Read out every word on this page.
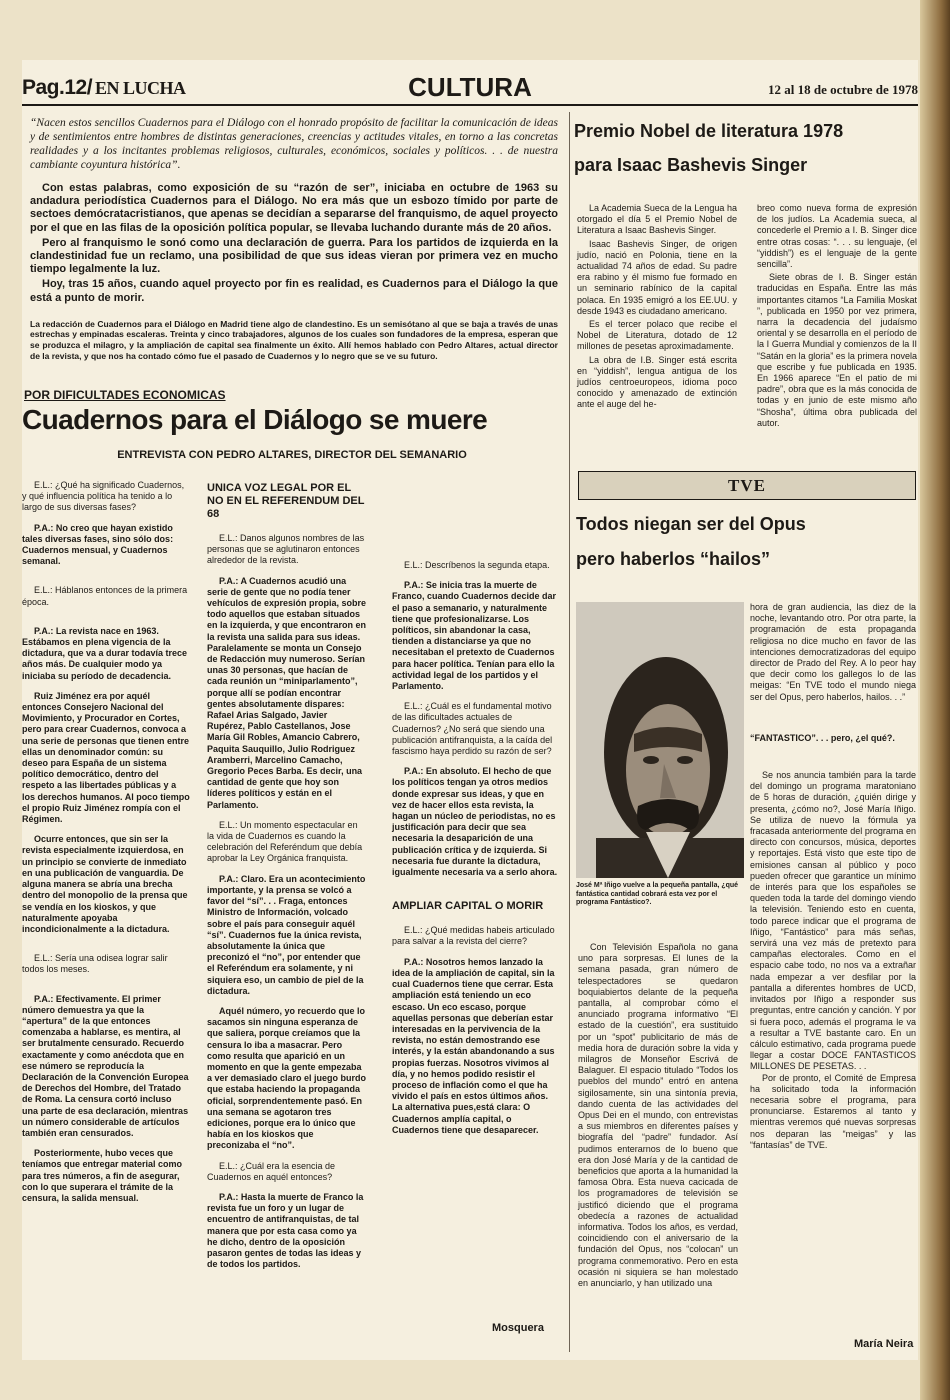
Pag.12/ EN LUCHA	CULTURA	12 al 18 de octubre de 1978

“Nacen estos sencillos Cuadernos para el Diálogo con el honrado propósito de facilitar la comunicación de ideas y de sentimientos entre hombres de distintas generaciones, creencias y actitudes vitales, en torno a las concretas realidades y a los incitantes problemas religiosos, culturales, económicos, sociales y políticos. . . de nuestra cambiante coyuntura histórica”.

Con estas palabras, como exposición de su “razón de ser”, iniciaba en octubre de 1963 su andadura periodística Cuadernos para el Diálogo. No era más que un esbozo tímido por parte de sectoes demócratacristianos, que apenas se decidían a separarse del franquismo, de aquel proyecto por el que en las filas de la oposición política popular, se llevaba luchando durante más de 20 años.

Pero al franquismo le sonó como una declaración de guerra. Para los partidos de izquierda en la clandestinidad fue un reclamo, una posibilidad de que sus ideas vieran por primera vez en mucho tiempo legalmente la luz.

Hoy, tras 15 años, cuando aquel proyecto por fin es realidad, es Cuadernos para el Diálogo la que está a punto de morir.

La redacción de Cuadernos para el Diálogo en Madrid tiene algo de clandestino. Es un semisótano al que se baja a través de unas estrechas y empinadas escaleras. Treinta y cinco trabajadores, algunos de los cuales son fundadores de la empresa, esperan que se produzca el milagro, y la ampliación de capital sea finalmente un éxito. Allí hemos hablado con Pedro Altares, actual director de la revista, y que nos ha contado cómo fue el pasado de Cuadernos y lo negro que se ve su futuro.

POR DIFICULTADES ECONOMICAS
Cuadernos para el Diálogo se muere
ENTREVISTA CON PEDRO ALTARES, DIRECTOR DEL SEMANARIO

E.L.: ¿Qué ha significado Cuadernos, y qué influencia política ha tenido a lo largo de sus diversas fases?

P.A.: No creo que hayan existido tales diversas fases, sino sólo dos: Cuadernos mensual, y Cuadernos semanal.

E.L.: Háblanos entonces de la primera época.

P.A.: La revista nace en 1963. Estábamos en plena vigencia de la dictadura, que va a durar todavía trece años más. De cualquier modo ya iniciaba su período de decadencia.

Ruiz Jiménez era por aquél entonces Consejero Nacional del Movimiento, y Procurador en Cortes, pero para crear Cuadernos, convoca a una serie de personas que tienen entre ellas un denominador común: su deseo para España de un sistema político democrático, dentro del respeto a las libertades públicas y a los derechos humanos. Al poco tiempo el propio Ruiz Jiménez rompía con el Régimen.

Ocurre entonces, que sin ser la revista especialmente izquierdosa, en un principio se convierte de inmediato en una publicación de vanguardia. De alguna manera se abría una brecha dentro del monopolio de la prensa que se vendía en los kioskos, y que naturalmente apoyaba incondicionalmente a la dictadura.

E.L.: Sería una odisea lograr salir todos los meses.

P.A.: Efectivamente. El primer número demuestra ya que la “apertura” de la que entonces comenzaba a hablarse, es mentira, al ser brutalmente censurado. Recuerdo exactamente y como anécdota que en ese número se reproducía la Declaración de la Convención Europea de Derechos del Hombre, del Tratado de Roma. La censura cortó incluso una parte de esa declaración, mientras un número considerable de artículos también eran censurados.

Posteriormente, hubo veces que teníamos que entregar material como para tres números, a fin de asegurar, con lo que superara el trámite de la censura, la salida mensual.

UNICA VOZ LEGAL POR EL NO EN EL REFERENDUM DEL 68

E.L.: Danos algunos nombres de las personas que se aglutinaron entonces alrededor de la revista.

P.A.: A Cuadernos acudió una serie de gente que no podía tener vehículos de expresión propia, sobre todo aquellos que estaban situados en la izquierda, y que encontraron en la revista una salida para sus ideas. Paralelamente se monta un Consejo de Redacción muy numeroso. Serían unas 30 personas, que hacían de cada reunión un “miniparlamento”, porque allí se podían encontrar gentes absolutamente dispares: Rafael Arias Salgado, Javier Rupérez, Pablo Castellanos, Jose María Gil Robles, Amancio Cabrero, Paquita Sauquillo, Julio Rodriguez Aramberri, Marcelino Camacho, Gregorio Peces Barba. Es decir, una cantidad de gente que hoy son líderes políticos y están en el Parlamento.

E.L.: Un momento espectacular en la vida de Cuadernos es cuando la celebración del Referéndum que debía aprobar la Ley Orgánica franquista.

P.A.: Claro. Era un acontecimiento importante, y la prensa se volcó a favor del “sí”. . . Fraga, entonces Ministro de Información, volcado sobre el país para conseguir aquél “sí”. Cuadernos fue la única revista, absolutamente la única que preconizó el “no”, por entender que el Referéndum era solamente, y ni siquiera eso, un cambio de piel de la dictadura.

Aquél número, yo recuerdo que lo sacamos sin ninguna esperanza de que saliera, porque creíamos que la censura lo iba a masacrar. Pero como resulta que aparició en un momento en que la gente empezaba a ver demasiado claro el juego burdo que estaba haciendo la propaganda oficial, sorprendentemente pasó. En una semana se agotaron tres ediciones, porque era lo único que había en los kioskos que preconizaba el “no”.

E.L.: ¿Cuál era la esencia de Cuadernos en aquél entonces?

P.A.: Hasta la muerte de Franco la revista fue un foro y un lugar de encuentro de antifranquistas, de tal manera que por esta casa como ya he dicho, dentro de la oposición pasaron gentes de todas las ideas y de todos los partidos.

E.L.: Descríbenos la segunda etapa.

P.A.: Se inicia tras la muerte de Franco, cuando Cuadernos decide dar el paso a semanario, y naturalmente tiene que profesionalizarse. Los políticos, sin abandonar la casa, tienden a distanciarse ya que no necesitaban el pretexto de Cuadernos para hacer política. Tenían para ello la actividad legal de los partidos y el Parlamento.

E.L.: ¿Cuál es el fundamental motivo de las dificultades actuales de Cuadernos? ¿No será que siendo una publicación antifranquista, a la caída del fascismo haya perdido su razón de ser?

P.A.: En absoluto. El hecho de que los políticos tengan ya otros medios donde expresar sus ideas, y que en vez de hacer ellos esta revista, la hagan un núcleo de periodistas, no es justificación para decir que sea necesaria la desaparición de una publicación crítica y de izquierda. Si necesaria fue durante la dictadura, igualmente necesaria va a serlo ahora.

AMPLIAR CAPITAL O MORIR

E.L.: ¿Qué medidas habeis articulado para salvar a la revista del cierre?

P.A.: Nosotros hemos lanzado la idea de la ampliación de capital, sin la cual Cuadernos tiene que cerrar. Esta ampliación está teniendo un eco escaso. Un eco escaso, porque aquellas personas que deberían estar interesadas en la pervivencia de la revista, no están demostrando ese interés, y la están abandonando a sus propias fuerzas. Nosotros vivimos al día, y no hemos podido resistir el proceso de inflación como el que ha vivido el país en estos últimos años. La alternativa pues,está clara: O Cuadernos amplía capital, o Cuadernos tiene que desaparecer.

Mosquera
Premio Nobel de literatura 1978
para Isaac Bashevis Singer

La Academia Sueca de la Lengua ha otorgado el día 5 el Premio Nobel de Literatura a Isaac Bashevis Singer.

Isaac Bashevis Singer, de origen judío, nació en Polonia, tiene en la actualidad 74 años de edad. Su padre era rabino y él mismo fue formado en un seminario rabínico de la capital polaca. En 1935 emigró a los EE.UU. y desde 1943 es ciudadano americano.

Es el tercer polaco que recibe el Nobel de Literatura, dotado de 12 millones de pesetas aproximadamente.

La obra de I.B. Singer está escrita en “yiddish”, lengua antigua de los judíos centroeuropeos, idioma poco conocido y amenazado de extinción ante el auge del he-

breo como nueva forma de expresión de los judíos. La Academia sueca, al concederle el Premio a I. B. Singer dice entre otras cosas: “. . . su lenguaje, (el “yiddish”) es el lenguaje de la gente sencilla”.

Siete obras de I. B. Singer están traducidas en España. Entre las más importantes citamos “La Familia Moskat ”, publicada en 1950 por vez primera, narra la decadencia del judaísmo oriental y se desarrolla en el período de la I Guerra Mundial y comienzos de la II “Satán en la gloria” es la primera novela que escribe y fue publicada en 1935. En 1966 aparece “En el patio de mi padre”, obra que es la más conocida de todas y en junio de este mismo año “Shosha”, última obra publicada del autor.

TVE
Todos niegan ser del Opus
pero haberlos “hailos”
José Mª Iñigo vuelve a la pequeña pantalla, ¿qué fantástica cantidad cobrará esta vez por el programa Fantástico?.

hora de gran audiencia, las diez de la noche, levantando otro. Por otra parte, la programación de esta propaganda religiosa no dice mucho en favor de las intenciones democratizadoras del equipo director de Prado del Rey. A lo peor hay que decir como los gallegos lo de las meigas: “En TVE todo el mundo niega ser del Opus, pero haberlos, hailos. . .”

“FANTASTICO”. . . pero, ¿el qué?.

Se nos anuncia también para la tarde del domingo un programa maratoniano de 5 horas de duración, ¿quién dirige y presenta, ¿cómo no?, José María Iñigo. Se utiliza de nuevo la fórmula ya fracasada anteriormente del programa en directo con concursos, música, deportes y reportajes. Está visto que este tipo de emisiones cansan al público y poco pueden ofrecer que garantice un mínimo de interés para que los españoles se queden toda la tarde del domingo viendo la televisión. Teniendo esto en cuenta, todo parece indicar que el programa de Iñigo, “Fantástico” para más señas, servirá una vez más de pretexto para campañas electorales. Como en el espacio cabe todo, no nos va a extrañar nada empezar a ver desfilar por la pantalla a diferentes hombres de UCD, invitados por Iñigo a responder sus preguntas, entre canción y canción. Y por si fuera poco, además el programa le va a resultar a TVE bastante caro. En un cálculo estimativo, cada programa puede llegar a costar DOCE FANTASTICOS MILLONES DE PESETAS. . .

Por de pronto, el Comité de Empresa ha solicitado toda la información necesaria sobre el programa, para pronunciarse. Estaremos al tanto y mientras veremos qué nuevas sorpresas nos deparan las “meigas” y las “fantasías” de TVE.

Con Televisión Española no gana uno para sorpresas. El lunes de la semana pasada, gran número de telespectadores se quedaron boquiabiertos delante de la pequeña pantalla, al comprobar cómo el anunciado programa informativo “El estado de la cuestión”, era sustituido por un “spot” publicitario de más de media hora de duración sobre la vida y milagros de Monseñor Escrivá de Balaguer. El espacio titulado “Todos los pueblos del mundo” entró en antena sigilosamente, sin una sintonía previa, dando cuenta de las actividades del Opus Dei en el mundo, con entrevistas a sus miembros en diferentes países y biografía del “padre” fundador. Así pudimos enterarnos de lo bueno que era don José María y de la cantidad de beneficios que aporta a la humanidad la famosa Obra. Esta nueva cacicada de los programadores de televisión se justificó diciendo que el programa obedecía a razones de actualidad informativa. Todos los años, es verdad, coincidiendo con el aniversario de la fundación del Opus, nos “colocan” un programa conmemorativo. Pero en esta ocasión ni siquiera se han molestado en anunciarlo, y han utilizado una

María Neira
